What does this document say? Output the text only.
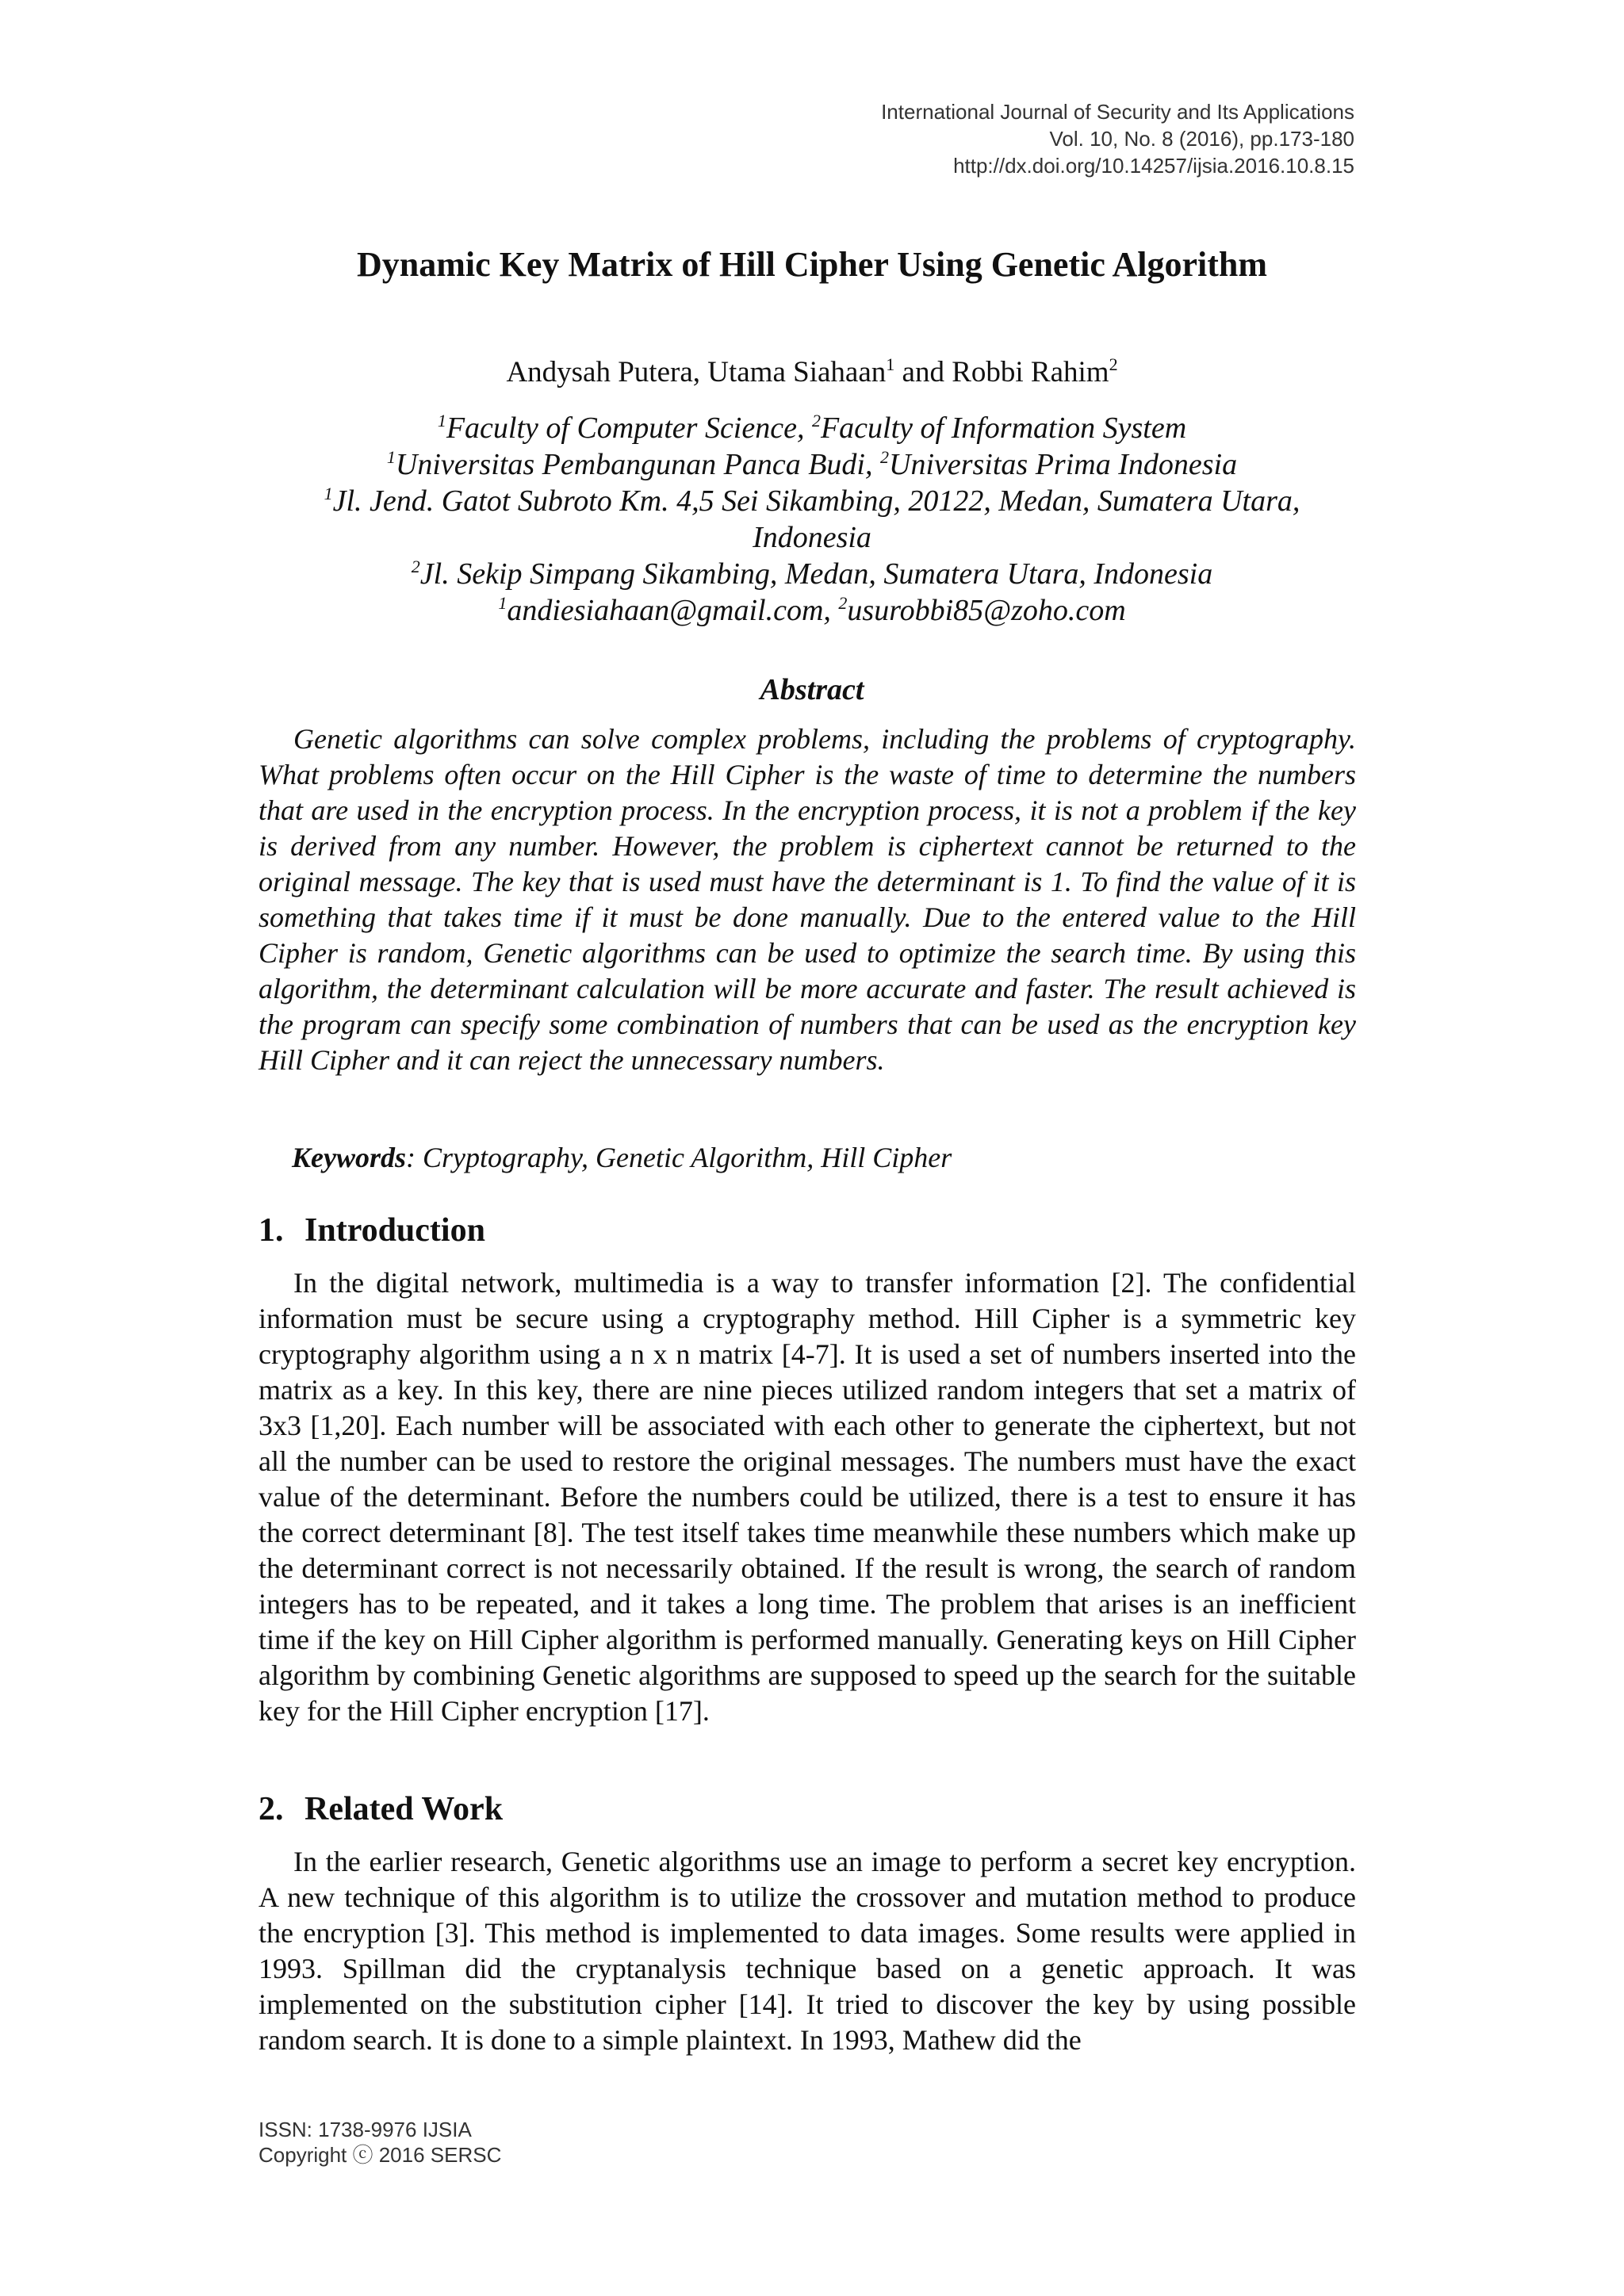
International Journal of Security and Its Applications
Vol. 10, No. 8 (2016), pp.173-180
http://dx.doi.org/10.14257/ijsia.2016.10.8.15
Dynamic Key Matrix of Hill Cipher Using Genetic Algorithm
Andysah Putera, Utama Siahaan$^1$ and Robbi Rahim$^2$
$^1$Faculty of Computer Science, $^2$Faculty of Information System
$^1$Universitas Pembangunan Panca Budi, $^2$Universitas Prima Indonesia
$^1$Jl. Jend. Gatot Subroto Km. 4,5 Sei Sikambing, 20122, Medan, Sumatera Utara,
Indonesia
$^2$Jl. Sekip Simpang Sikambing, Medan, Sumatera Utara, Indonesia
$^1$andiesiahaan@gmail.com, $^2$usurobbi85@zoho.com
Abstract

Genetic algorithms can solve complex problems, including the problems of cryptography. What problems often occur on the Hill Cipher is the waste of time to determine the numbers that are used in the encryption process. In the encryption process, it is not a problem if the key is derived from any number. However, the problem is ciphertext cannot be returned to the original message. The key that is used must have the determinant is 1. To find the value of it is something that takes time if it must be done manually. Due to the entered value to the Hill Cipher is random, Genetic algorithms can be used to optimize the search time. By using this algorithm, the determinant calculation will be more accurate and faster. The result achieved is the program can specify some combination of numbers that can be used as the encryption key Hill Cipher and it can reject the unnecessary numbers.

Keywords: Cryptography, Genetic Algorithm, Hill Cipher
1. Introduction

In the digital network, multimedia is a way to transfer information [2]. The confidential information must be secure using a cryptography method. Hill Cipher is a symmetric key cryptography algorithm using a n x n matrix [4-7]. It is used a set of numbers inserted into the matrix as a key. In this key, there are nine pieces utilized random integers that set a matrix of 3x3 [1,20]. Each number will be associated with each other to generate the ciphertext, but not all the number can be used to restore the original messages. The numbers must have the exact value of the determinant. Before the numbers could be utilized, there is a test to ensure it has the correct determinant [8]. The test itself takes time meanwhile these numbers which make up the determinant correct is not necessarily obtained. If the result is wrong, the search of random integers has to be repeated, and it takes a long time. The problem that arises is an inefficient time if the key on Hill Cipher algorithm is performed manually. Generating keys on Hill Cipher algorithm by combining Genetic algorithms are supposed to speed up the search for the suitable key for the Hill Cipher encryption [17].

2. Related Work

In the earlier research, Genetic algorithms use an image to perform a secret key encryption. A new technique of this algorithm is to utilize the crossover and mutation method to produce the encryption [3]. This method is implemented to data images. Some results were applied in 1993. Spillman did the cryptanalysis technique based on a genetic approach. It was implemented on the substitution cipher [14]. It tried to discover the key by using possible random search. It is done to a simple plaintext. In 1993, Mathew did the

ISSN: 1738-9976 IJSIA
Copyright ⓒ 2016 SERSC
